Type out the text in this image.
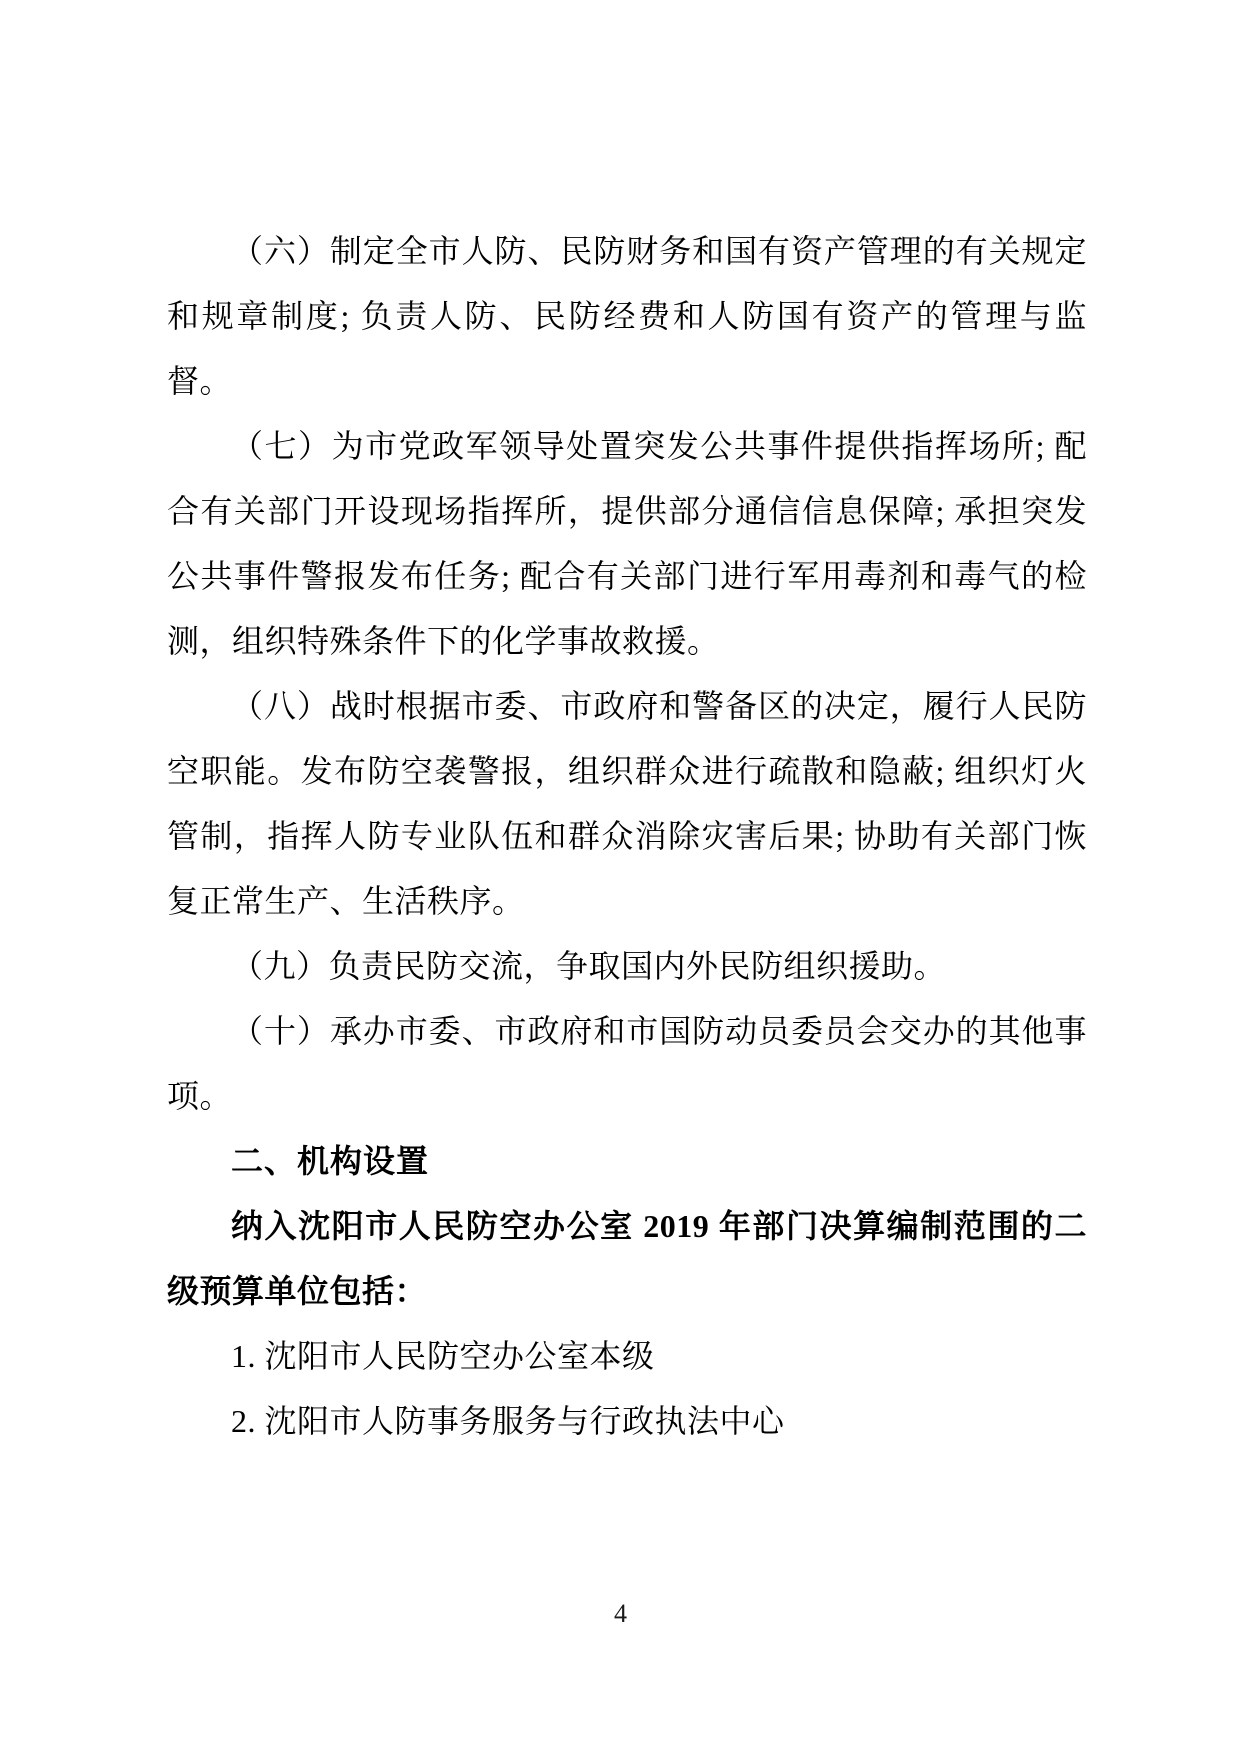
（六）制定全市人防、民防财务和国有资产管理的有关规定和规章制度; 负责人防、民防经费和人防国有资产的管理与监督。

（七）为市党政军领导处置突发公共事件提供指挥场所; 配合有关部门开设现场指挥所，提供部分通信信息保障; 承担突发公共事件警报发布任务; 配合有关部门进行军用毒剂和毒气的检测，组织特殊条件下的化学事故救援。

（八）战时根据市委、市政府和警备区的决定，履行人民防空职能。发布防空袭警报，组织群众进行疏散和隐蔽; 组织灯火管制，指挥人防专业队伍和群众消除灾害后果; 协助有关部门恢复正常生产、生活秩序。

（九）负责民防交流，争取国内外民防组织援助。

（十）承办市委、市政府和市国防动员委员会交办的其他事项。

二、机构设置

纳入沈阳市人民防空办公室 2019 年部门决算编制范围的二级预算单位包括：

1. 沈阳市人民防空办公室本级

2. 沈阳市人防事务服务与行政执法中心

4
